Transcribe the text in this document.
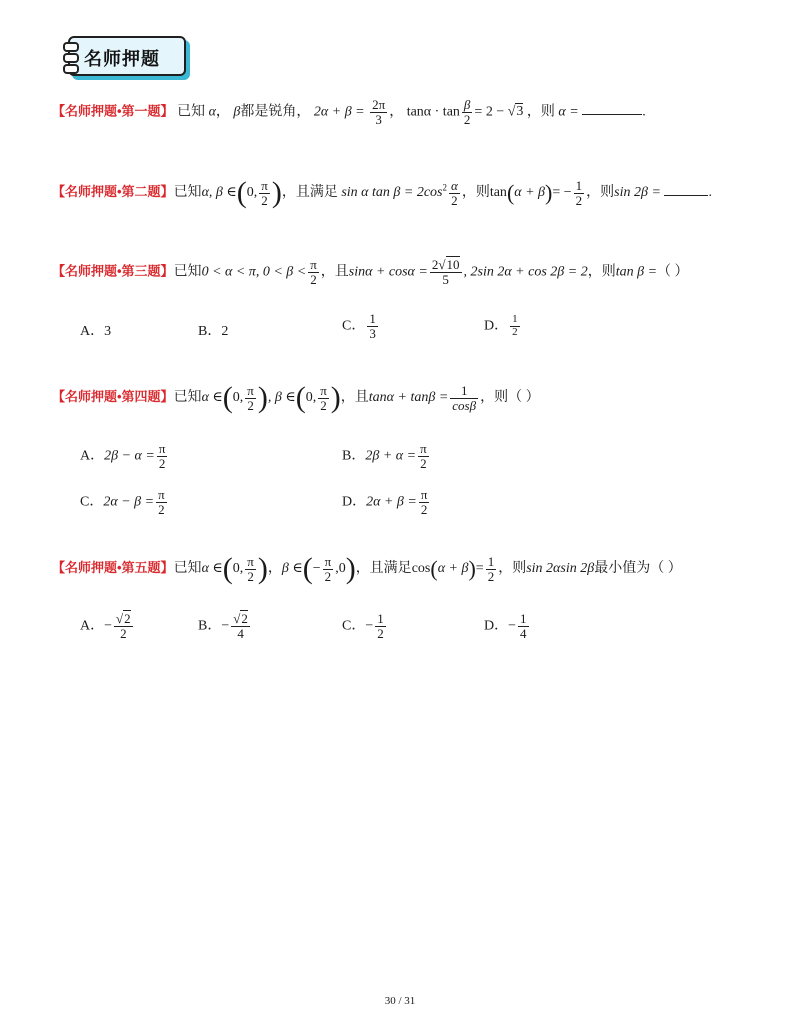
名师押题
【名师押题•第一题】 已知 α， β都是锐角， $2\alpha + \beta = \frac{2\pi}{3}$ ， $\tan\alpha \cdot \tan \frac{\beta}{2} = 2 - √3$ ，则 α =	.
【名师押题•第二题】已知α, β ∈(0, $\frac{\pi}{2}$ )，且满足 sin α $\tan \beta = 2\cos^2 \frac{\alpha}{2}$ ，则$\tan(\alpha + \beta)= - \frac{1}{2}$ ，则sin 2β =	.
【名师押题•第三题】已知0 < α < π, $0 < \beta < \frac{\pi}{2}$ ，且$\sin\alpha + \cos\alpha = \frac{2√10}{5}$ , 2sin 2α + cos 2β = 2，则tan β =（ ）
A．3	B．2	C． $\frac{1}{3}$	D． $\frac{1}{2}$
【名师押题•第四题】已知α ∈(0, $\frac{\pi}{2}$ ), β ∈(0, $\frac{\pi}{2}$ )，且$\tan\alpha + \tan\beta = \frac{1}{\cos\beta}$ ，则（ ）
A．$2\beta - \alpha = \frac{\pi}{2}$	B．$2\beta + \alpha = \frac{\pi}{2}$
C．$2\alpha - \beta = \frac{\pi}{2}$	D．$2\alpha + \beta = \frac{\pi}{2}$
【名师押题•第五题】已知α ∈(0, $\frac{\pi}{2}$ )，β ∈(− $\frac{\pi}{2} ,0$)，且满足$\cos(\alpha + \beta)= \frac{1}{2}$ ，则sin 2αsin 2β最小值为（ ）
A．− $\frac{√2}{2}$	B．− $\frac{√2}{4}$	C．− $\frac{1}{2}$	D．− $\frac{1}{4}$
30 / 31
